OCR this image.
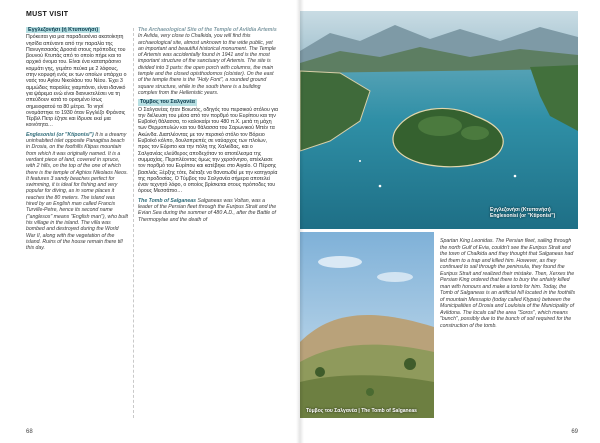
MUST VISIT

Εγγλεζονήσι (ή Κτυπονήσι)
Πρόκειται για μια παραδεισένια ακατοίκητη νησίδα απέναντι από την παραλία της Πανυγιτσασάς Δροσιά στους πρόποδες του βουνού Κτυπάς από το οποίο πήρε και το αρχικό όνομα του. Είναι ένα καταπράσινο κομμάτι γης, γεμάτο πεύκα με 2 λόφους, στην κορυφή ενός εκ των οποίων υπάρχει ο ναός του Αγίου Νικολάου του Νέου. Έχει 3 αμμώδεις παραλίες γιαμπάνιο, είναι ιδανικό για ψάρεμα ενώ είναι διανυκτελέσει να τη σπεύδουν κατά το ορισμένο ίσως σημειοφατού τα 80 μέτρα. Το νησί ονομάστηκε το 1930 όταν Εγγλέζο Φράνσις Τέρβιλ Πετρ έζησε και ίδρυσε εκεί μια κοινότητα…

Englesonisi (or "Ktiponisi") It is a dreamy uninhabited islet opposite Panagitsa beach in Drosia, on the foothills Ktipas mountain from which it was originally named. It is a verdant piece of land, covered in spruce, with 2 hills, on the top of the one of which there is the temple of Aghios Nikolaos Neos. It features 3 sandy beaches perfect for swimming, it is ideal for fishing and very popular for diving, as in some places it reaches the 80 meters. The island was hired by an English man called Francis Turville-Petre, hence its second name ("anglesos" means "English man"), who built his village in the island. The villa was bombed and destroyed during the World War II, along with the vegetation of the island. Ruins of the house remain there till this day.

The Archaeological Site of the Temple of Avlidia Artemis In Avlida, very close to Chalkida, you will find this archaeological site, almost unknown to the wide public, yet an important and beautiful historical monument. The Temple of Artemis was accidentally found in 1941 and is the most important structure of the sanctuary of Artemis. The site is divided into 3 parts: the open porch with columns, the main temple and the closed opisthodomos (cloister). On the east of the temple there is the "Holy Font", a rounded ground square structure, while in the south there is a building complex from the Hellenistic years.

Τύμβος του Σαλγανέα
Ο Σαλγανέας ήταν Βοιωτός, οδηγός του περσικού στόλου για την διέλευση του μέσα από τον πορθμό του Ευρίπου και την Ευβοϊκή θάλασσα, το καλοκαίρι του 480 π.Χ. μετά τη μάχη των Θερμοπυλών και του θάλασσα του Σαρωνικού Μπέν τα Ακώνδα. Διαπλέοντας με τον περσικό στόλο τον Βόρειο Ευβοϊκό κόλπο, δουλοπρεπές σε ναύαρχος των πλοίων, προς τον Εύριπο και την πόλη της Χαλκίδας, και ο Σαλγανέας ελεύθερος αποδεχόταν το αποτέλεσμα της συμμαχίας. Περιπλέοντας όμως την χερσόνησο, απέκλεισε τον πορθμό του Ευρίπου και κατέβηκε στο Αιγαίο. Ο Πέρσης βασιλιάς Ξέρξης τότε, διέταξε να θανατωθεί με την κατηγορία της προδοσίας. Ο Τύμβος του Σαλγανέα σήμερα αποτελεί έναν τεχνητό λόφο, ο οποίος βρίσκεται στους πρόποδες του όρους Μεσσάπιο…

The Tomb of Salganeas Salganeas was Voltan, was a leader of the Persian fleet through the Euripus Strait and the Evian Sea during the summer of 480 A.D., after the Battle of Thermopylae and the death of

68
Εγγλεζονήσι (Κτυπονήσι)
Englesonisi (or "Ktiponisi")
Τύμβος του Σαλγανέα | The Tomb of Salganeas
Spartan King Leonidas. The Persian fleet, sailing through the north Gulf of Evia, couldn't see the Euripus Strait and the town of Chalkida and they thought that Salganeas had led them to a trap and killed him. However, as they continued to sail through the peninsula, they found the Euripus Strait and realized their mistake. Then, Xerxes the Persian King ordered that there to bury the unfairly killed man with honours and make a tomb for him. Today, the Tomb of Salganeas is an artificial hill located in the foothills of mountain Messapio (today called Ktypas) between the Municipalities of Drosia and Louloisia of the Municipality of Avlidona. The locals call the area "Soros", which means "bunch", possibly due to the bunch of soil required for the construction of the tomb.
69
